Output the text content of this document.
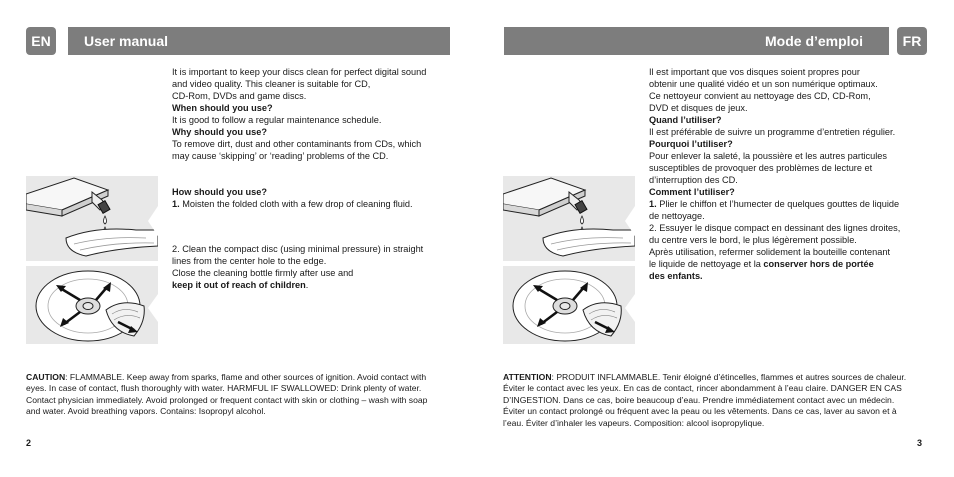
EN	User manual

It is important to keep your discs clean for perfect digital sound

and video quality. This cleaner is suitable for CD,

CD-Rom, DVDs and game discs.

When should you use?

It is good to follow a regular maintenance schedule.

Why should you use?

To remove dirt, dust and other contaminants from CDs, which

may cause ‘skipping’ or ‘reading’ problems of the CD.

How should you use?

1. Moisten the folded cloth with a few drop of cleaning fluid.

2. Clean the compact disc (using minimal pressure) in straight

lines from the center hole to the edge.

Close the cleaning bottle firmly after use and

keep it out of reach of children.

CAUTION: FLAMMABLE. Keep away from sparks, flame and other sources of ignition. Avoid contact with eyes. In case of contact, flush thoroughly with water. HARMFUL IF SWALLOWED: Drink plenty of water. Contact physician immediately. Avoid prolonged or frequent contact with skin or clothing – wash with soap and water. Avoid breathing vapors. Contains: Isopropyl alcohol.
2
Mode d’emploi	FR

Il est important que vos disques soient propres pour

obtenir une qualité vidéo et un son numérique optimaux.

Ce nettoyeur convient au nettoyage des CD, CD-Rom,

DVD et disques de jeux.

Quand l’utiliser?

Il est préférable de suivre un programme d’entretien régulier.

Pourquoi l’utiliser?

Pour enlever la saleté, la poussière et les autres particules

susceptibles de provoquer des problèmes de lecture et

d’interruption des CD.

Comment l’utiliser?

1. Plier le chiffon et l’humecter de quelques gouttes de liquide

de nettoyage.

2. Essuyer le disque compact en dessinant des lignes droites,

du centre vers le bord, le plus légèrement possible.

Après utilisation, refermer solidement la bouteille contenant

le liquide de nettoyage et la conserver hors de portée

des enfants.

ATTENTION: PRODUIT INFLAMMABLE. Tenir éloigné d’étincelles, flammes et autres sources de chaleur. Éviter le contact avec les yeux. En cas de contact, rincer abondamment à l’eau claire. DANGER EN CAS D’INGESTION. Dans ce cas, boire beaucoup d’eau. Prendre immédiatement contact avec un médecin. Éviter un contact prolongé ou fréquent avec la peau ou les vêtements. Dans ce cas, laver au savon et à l’eau. Éviter d’inhaler les vapeurs. Composition: alcool isopropylique.
3
